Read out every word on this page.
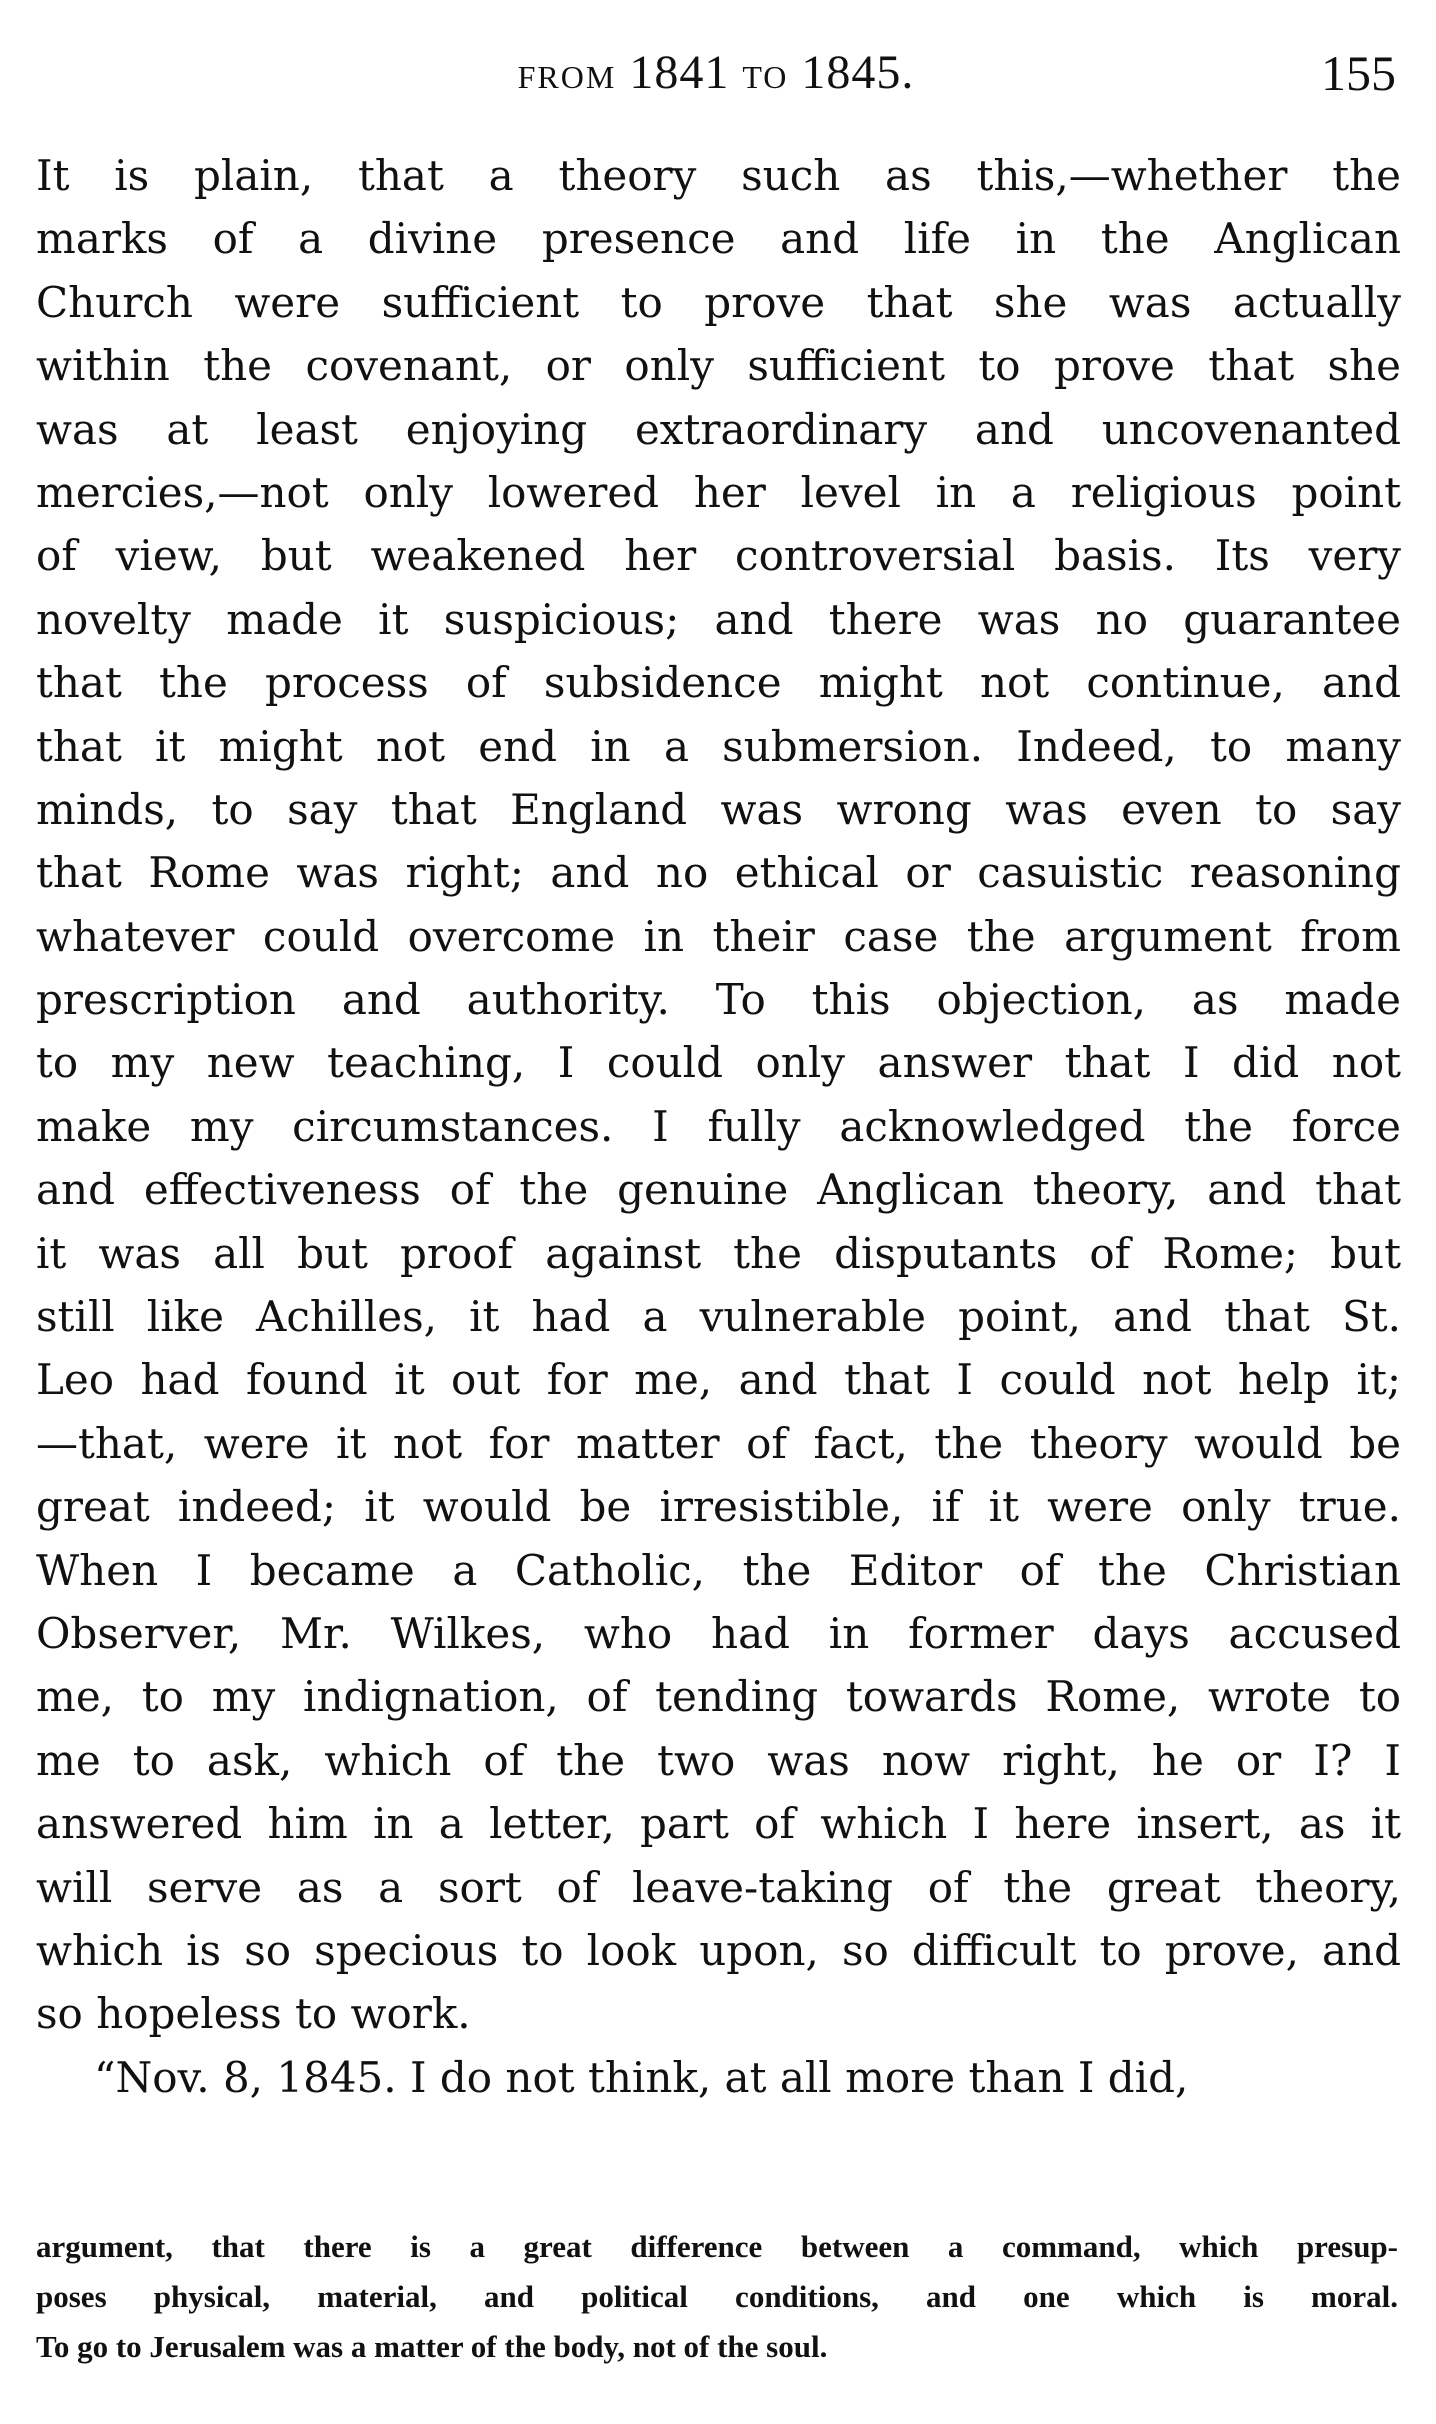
from 1841 to 1845.	155
It is plain, that a theory such as this,—whether the
marks of a divine presence and life in the Anglican
Church were sufficient to prove that she was actually
within the covenant, or only sufficient to prove that she
was at least enjoying extraordinary and uncovenanted
mercies,—not only lowered her level in a religious point
of view, but weakened her controversial basis. Its very
novelty made it suspicious; and there was no guarantee
that the process of subsidence might not continue, and
that it might not end in a submersion. Indeed, to many
minds, to say that England was wrong was even to say
that Rome was right; and no ethical or casuistic reasoning
whatever could overcome in their case the argument from
prescription and authority. To this objection, as made
to my new teaching, I could only answer that I did not
make my circumstances. I fully acknowledged the force
and effectiveness of the genuine Anglican theory, and that
it was all but proof against the disputants of Rome; but
still like Achilles, it had a vulnerable point, and that St.
Leo had found it out for me, and that I could not help it;
—that, were it not for matter of fact, the theory would be
great indeed; it would be irresistible, if it were only true.
When I became a Catholic, the Editor of the Christian
Observer, Mr. Wilkes, who had in former days accused
me, to my indignation, of tending towards Rome, wrote to
me to ask, which of the two was now right, he or I? I
answered him in a letter, part of which I here insert, as it
will serve as a sort of leave-taking of the great theory,
which is so specious to look upon, so difficult to prove, and
so hopeless to work.
“Nov. 8, 1845. I do not think, at all more than I did,
argument, that there is a great difference between a command, which presup-
poses physical, material, and political conditions, and one which is moral.
To go to Jerusalem was a matter of the body, not of the soul.
